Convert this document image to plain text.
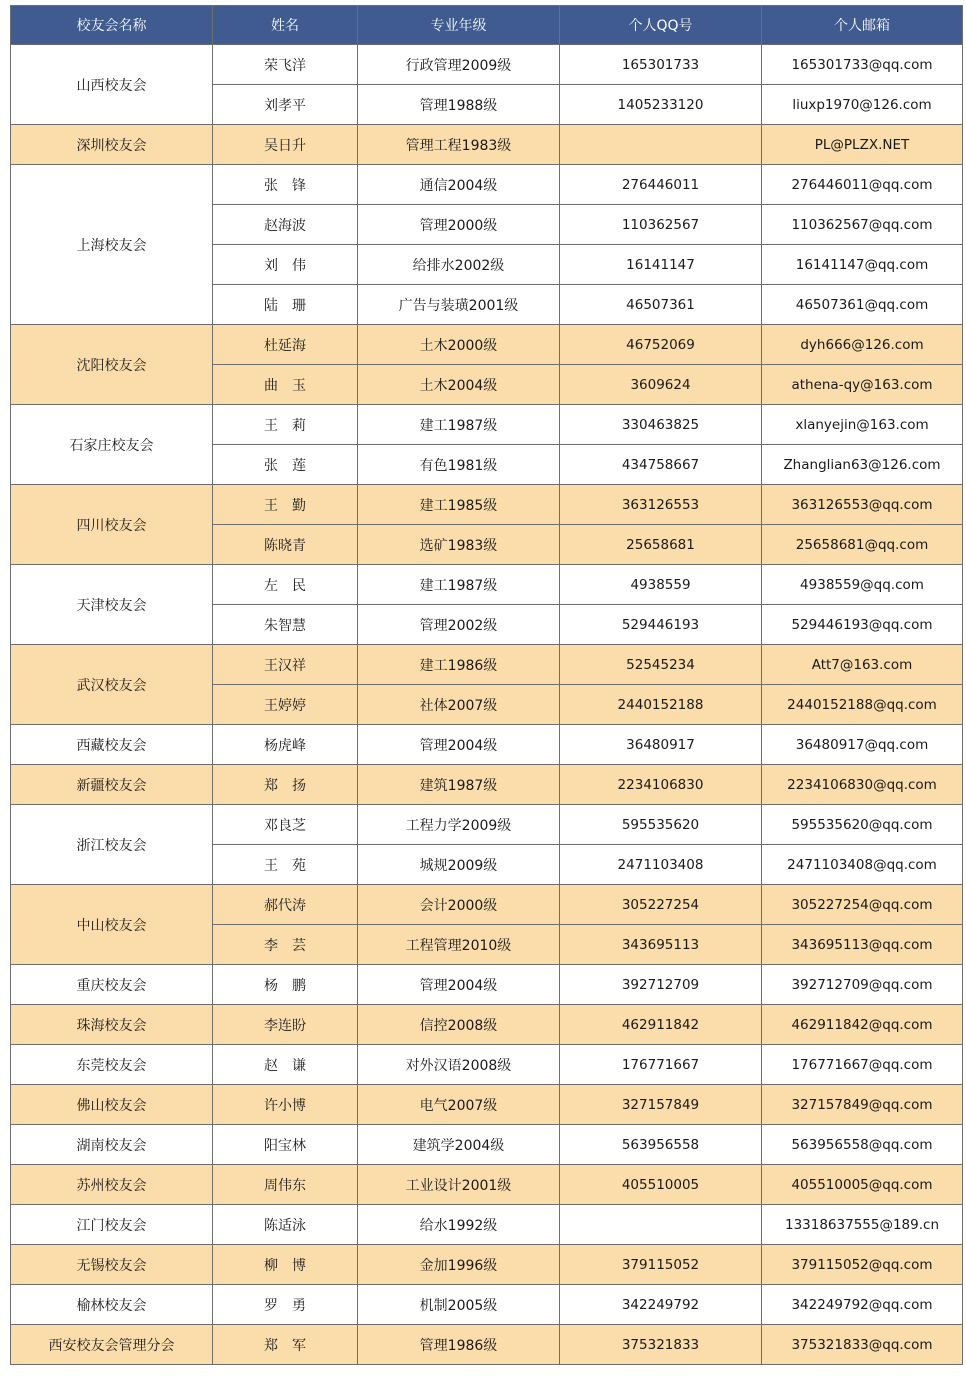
校友会名称	姓名	专业年级	个人QQ号	个人邮箱
山西校友会	荣飞洋	行政管理2009级	165301733	165301733@qq.com
	刘孝平	管理1988级	1405233120	liuxp1970@126.com
深圳校友会	吴日升	管理工程1983级		PL@PLZX.NET
上海校友会	张　锋	通信2004级	276446011	276446011@qq.com
	赵海波	管理2000级	110362567	110362567@qq.com
	刘　伟	给排水2002级	16141147	16141147@qq.com
	陆　珊	广告与装璜2001级	46507361	46507361@qq.com
沈阳校友会	杜延海	土木2000级	46752069	dyh666@126.com
	曲　玉	土木2004级	3609624	athena-qy@163.com
石家庄校友会	王　莉	建工1987级	330463825	xlanyejin@163.com
	张　莲	有色1981级	434758667	Zhanglian63@126.com
四川校友会	王　勤	建工1985级	363126553	363126553@qq.com
	陈晓青	选矿1983级	25658681	25658681@qq.com
天津校友会	左　民	建工1987级	4938559	4938559@qq.com
	朱智慧	管理2002级	529446193	529446193@qq.com
武汉校友会	王汉祥	建工1986级	52545234	Att7@163.com
	王婷婷	社体2007级	2440152188	2440152188@qq.com
西藏校友会	杨虎峰	管理2004级	36480917	36480917@qq.com
新疆校友会	郑　扬	建筑1987级	2234106830	2234106830@qq.com
浙江校友会	邓良芝	工程力学2009级	595535620	595535620@qq.com
	王　苑	城规2009级	2471103408	2471103408@qq.com
中山校友会	郝代涛	会计2000级	305227254	305227254@qq.com
	李　芸	工程管理2010级	343695113	343695113@qq.com
重庆校友会	杨　鹏	管理2004级	392712709	392712709@qq.com
珠海校友会	李连盼	信控2008级	462911842	462911842@qq.com
东莞校友会	赵　谦	对外汉语2008级	176771667	176771667@qq.com
佛山校友会	许小博	电气2007级	327157849	327157849@qq.com
湖南校友会	阳宝林	建筑学2004级	563956558	563956558@qq.com
苏州校友会	周伟东	工业设计2001级	405510005	405510005@qq.com
江门校友会	陈适泳	给水1992级		13318637555@189.cn
无锡校友会	柳　博	金加1996级	379115052	379115052@qq.com
榆林校友会	罗　勇	机制2005级	342249792	342249792@qq.com
西安校友会管理分会	郑　军	管理1986级	375321833	375321833@qq.com
